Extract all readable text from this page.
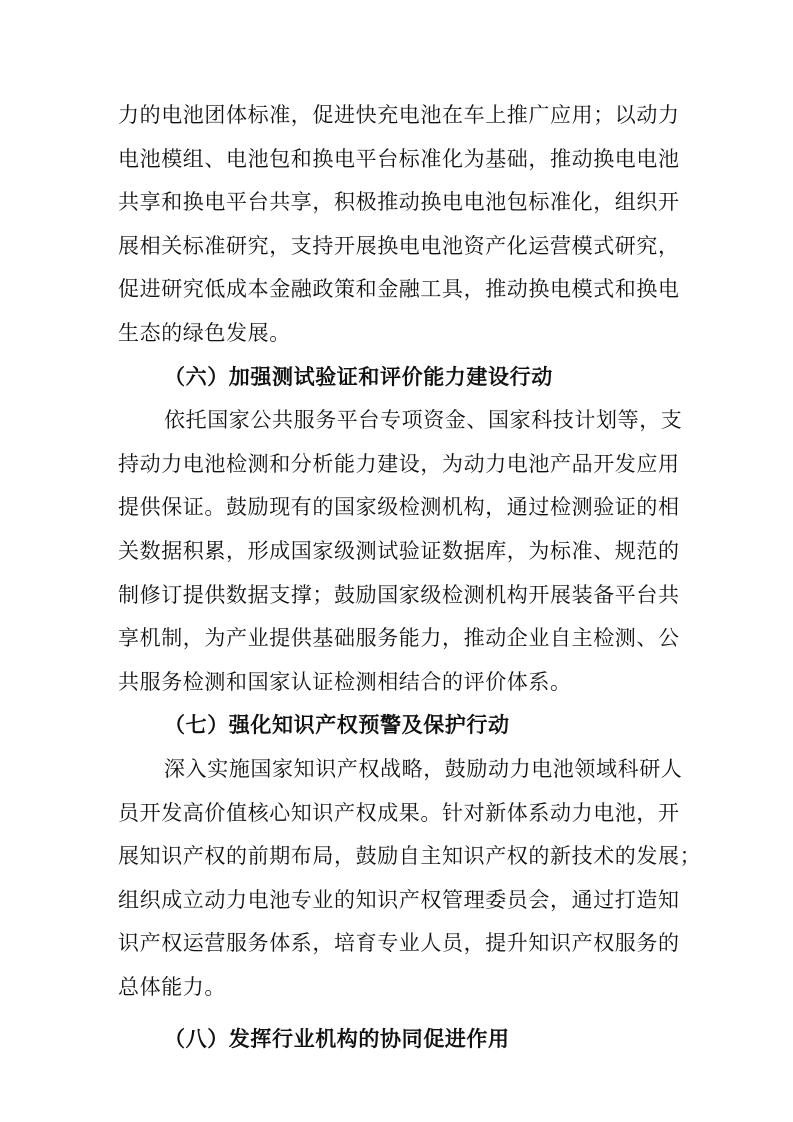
力的电池团体标准，促进快充电池在车上推广应用；以动力
电池模组、电池包和换电平台标准化为基础，推动换电电池
共享和换电平台共享，积极推动换电电池包标准化，组织开
展相关标准研究，支持开展换电电池资产化运营模式研究，
促进研究低成本金融政策和金融工具，推动换电模式和换电
生态的绿色发展。
（六）加强测试验证和评价能力建设行动
依托国家公共服务平台专项资金、国家科技计划等，支
持动力电池检测和分析能力建设，为动力电池产品开发应用
提供保证。鼓励现有的国家级检测机构，通过检测验证的相
关数据积累，形成国家级测试验证数据库，为标准、规范的
制修订提供数据支撑；鼓励国家级检测机构开展装备平台共
享机制，为产业提供基础服务能力，推动企业自主检测、公
共服务检测和国家认证检测相结合的评价体系。
（七）强化知识产权预警及保护行动
深入实施国家知识产权战略，鼓励动力电池领域科研人
员开发高价值核心知识产权成果。针对新体系动力电池，开
展知识产权的前期布局，鼓励自主知识产权的新技术的发展；
组织成立动力电池专业的知识产权管理委员会，通过打造知
识产权运营服务体系，培育专业人员，提升知识产权服务的
总体能力。
（八）发挥行业机构的协同促进作用
